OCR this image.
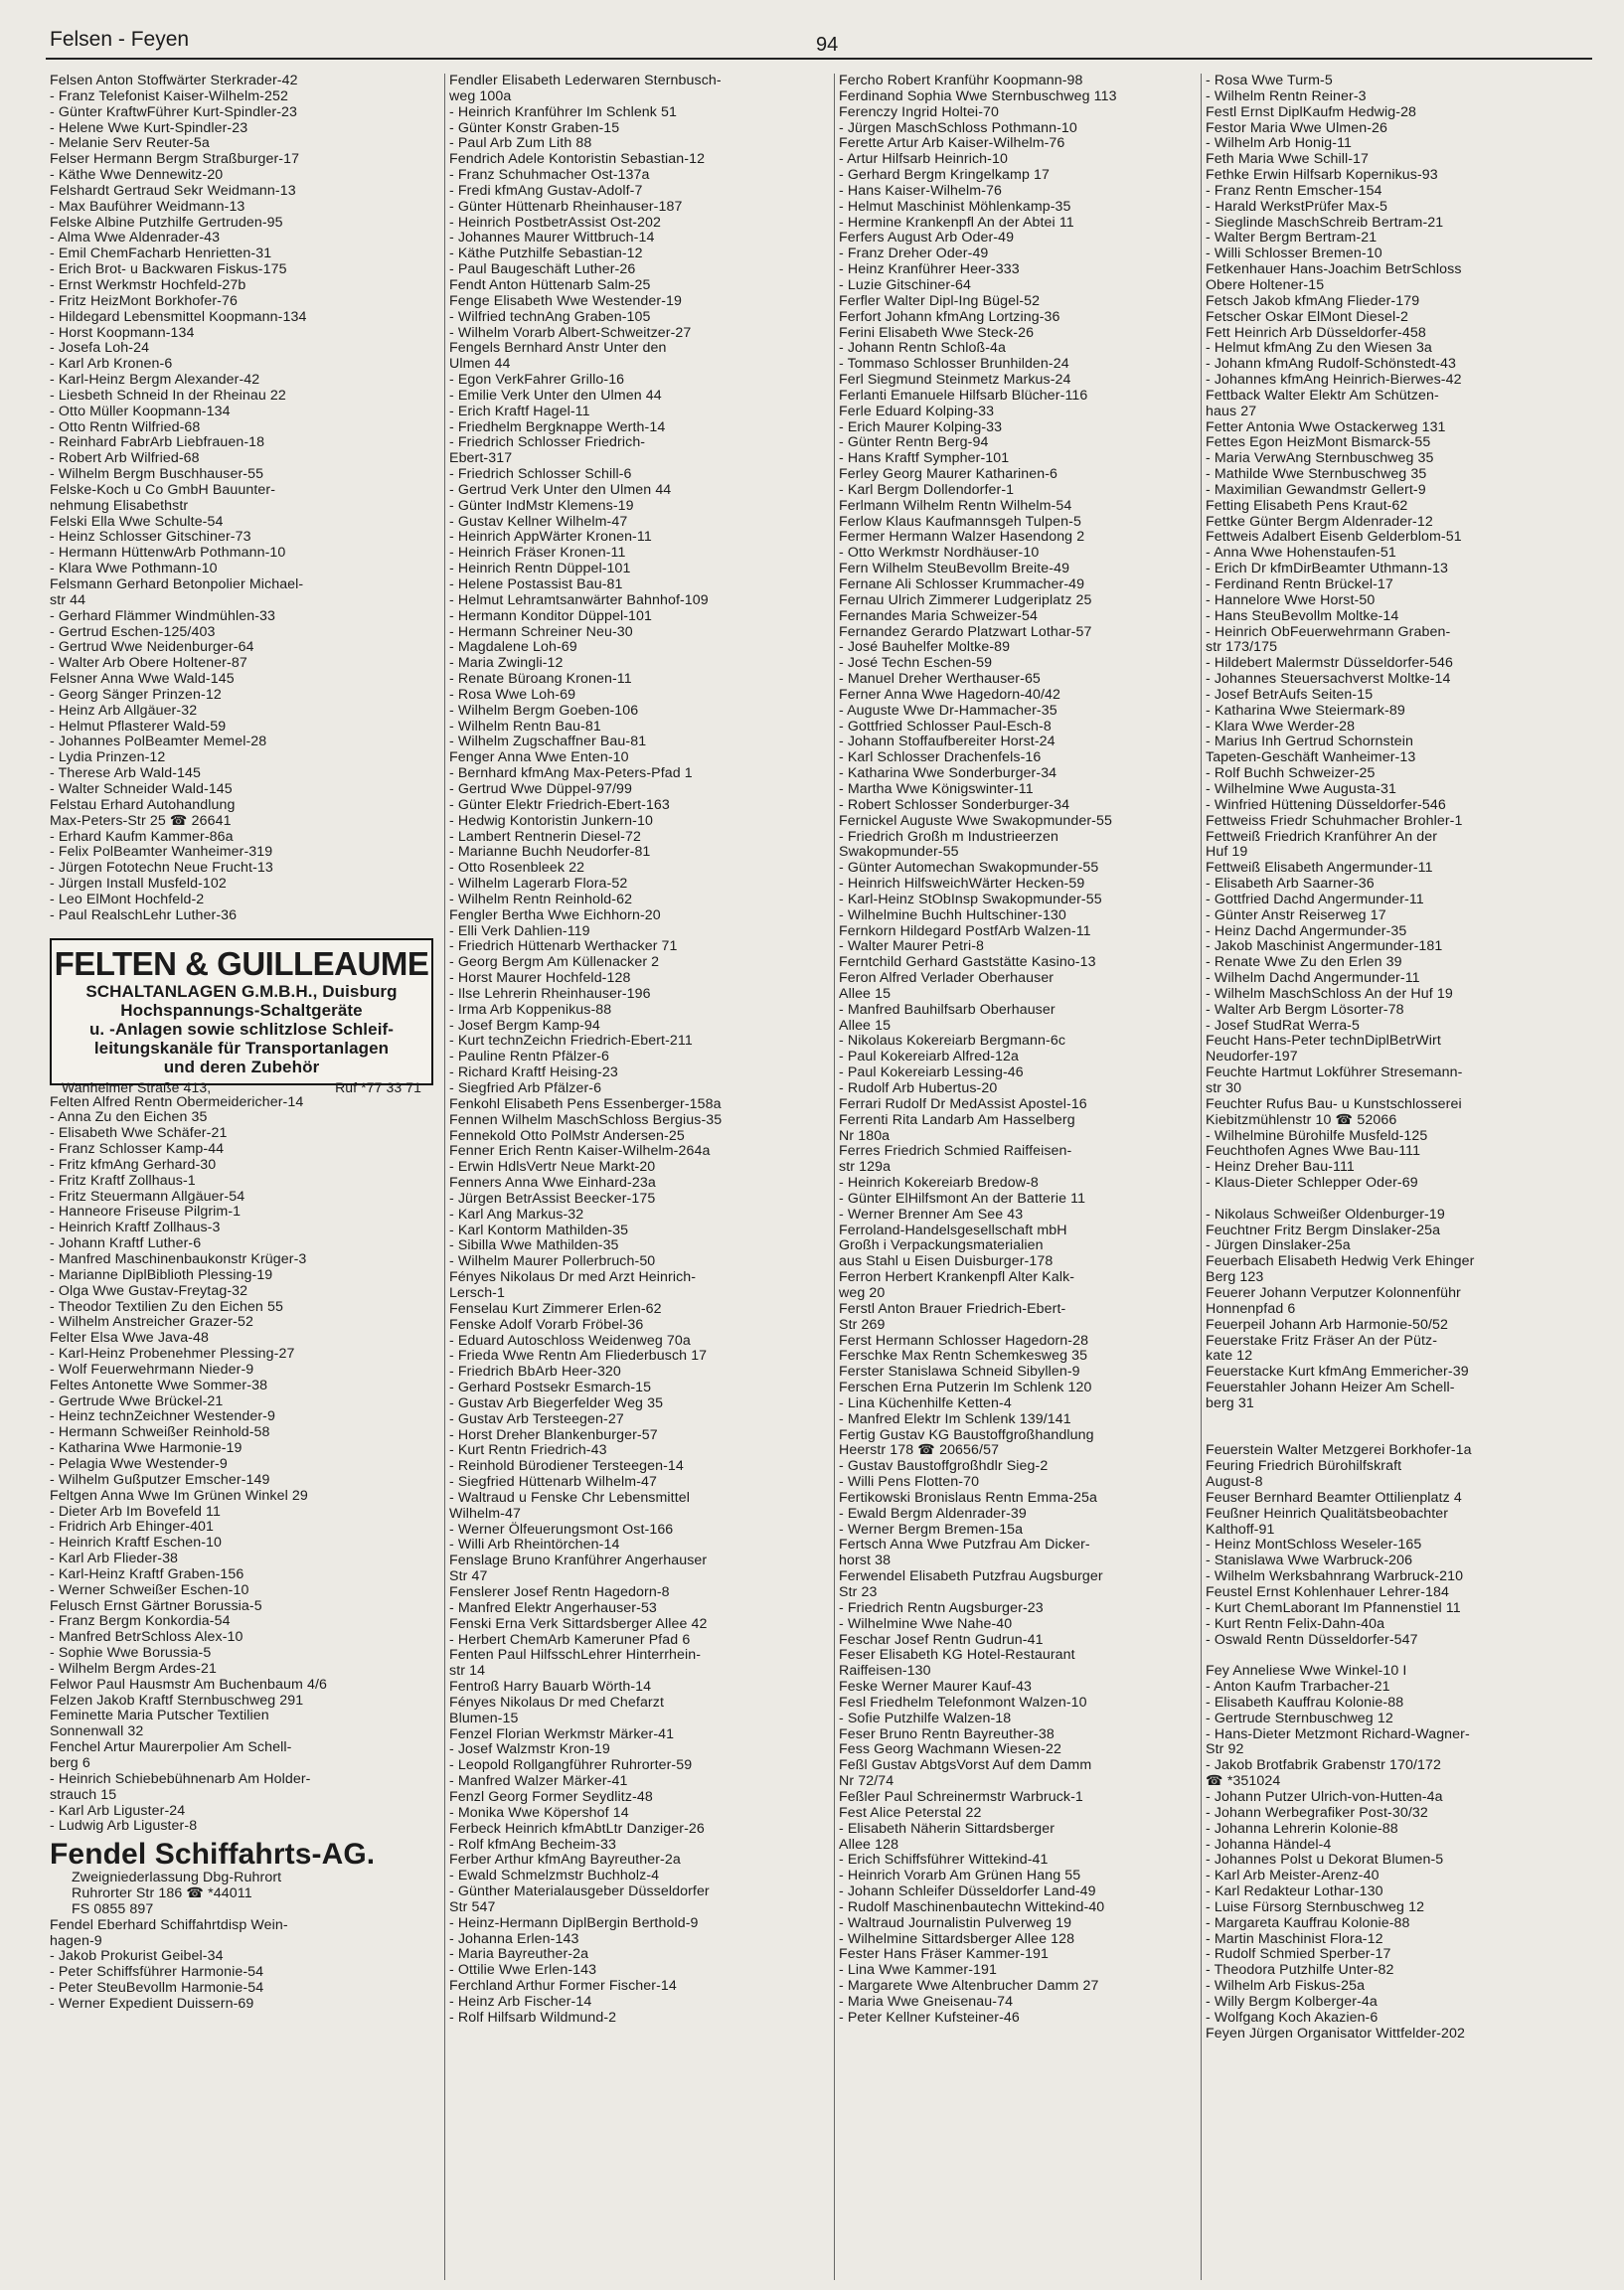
Felsen - Feyen	94
Felsen Anton Stoffwärter Sterkrader-42
- Franz Telefonist Kaiser-Wilhelm-252
- Günter KraftwFührer Kurt-Spindler-23
- Helene Wwe Kurt-Spindler-23
- Melanie Serv Reuter-5a
Felser Hermann Bergm Straßburger-17
- Käthe Wwe Dennewitz-20
Felshardt Gertraud Sekr Weidmann-13
- Max Bauführer Weidmann-13
Felske Albine Putzhilfe Gertruden-95
- Alma Wwe Aldenrader-43
- Emil ChemFacharb Henrietten-31
- Erich Brot- u Backwaren Fiskus-175
- Ernst Werkmstr Hochfeld-27b
- Fritz HeizMont Borkhofer-76
- Hildegard Lebensmittel Koopmann-134
- Horst Koopmann-134
- Josefa Loh-24
- Karl Arb Kronen-6
- Karl-Heinz Bergm Alexander-42
- Liesbeth Schneid In der Rheinau 22
- Otto Müller Koopmann-134
- Otto Rentn Wilfried-68
- Reinhard FabrArb Liebfrauen-18
- Robert Arb Wilfried-68
- Wilhelm Bergm Buschhauser-55
Felske-Koch u Co GmbH Bauunter-
nehmung Elisabethstr
Felski Ella Wwe Schulte-54
- Heinz Schlosser Gitschiner-73
- Hermann HüttenwArb Pothmann-10
- Klara Wwe Pothmann-10
Felsmann Gerhard Betonpolier Michael-
str 44
- Gerhard Flämmer Windmühlen-33
- Gertrud Eschen-125/403
- Gertrud Wwe Neidenburger-64
- Walter Arb Obere Holtener-87
Felsner Anna Wwe Wald-145
- Georg Sänger Prinzen-12
- Heinz Arb Allgäuer-32
- Helmut Pflasterer Wald-59
- Johannes PolBeamter Memel-28
- Lydia Prinzen-12
- Therese Arb Wald-145
- Walter Schneider Wald-145
Felstau Erhard Autohandlung
Max-Peters-Str 25 ☎ 26641
- Erhard Kaufm Kammer-86a
- Felix PolBeamter Wanheimer-319
- Jürgen Fototechn Neue Frucht-13
- Jürgen Install Musfeld-102
- Leo ElMont Hochfeld-2
- Paul RealschLehr Luther-36
FELTEN & GUILLEAUME
SCHALTANLAGEN G.M.B.H., Duisburg
Hochspannungs-Schaltgeräte
u. -Anlagen sowie schlitzlose Schleif-
leitungskanäle für Transportanlagen
und deren Zubehör
Wanheimer Straße 413,	Ruf *77 33 71
Felten Alfred Rentn Obermeidericher-14
- Anna Zu den Eichen 35
- Elisabeth Wwe Schäfer-21
- Franz Schlosser Kamp-44
- Fritz kfmAng Gerhard-30
- Fritz Kraftf Zollhaus-1
- Fritz Steuermann Allgäuer-54
- Hanneore Friseuse Pilgrim-1
- Heinrich Kraftf Zollhaus-3
- Johann Kraftf Luther-6
- Manfred Maschinenbaukonstr Krüger-3
- Marianne DiplBiblioth Plessing-19
- Olga Wwe Gustav-Freytag-32
- Theodor Textilien Zu den Eichen 55
- Wilhelm Anstreicher Grazer-52
Felter Elsa Wwe Java-48
- Karl-Heinz Probenehmer Plessing-27
- Wolf Feuerwehrmann Nieder-9
Feltes Antonette Wwe Sommer-38
- Gertrude Wwe Brückel-21
- Heinz technZeichner Westender-9
- Hermann Schweißer Reinhold-58
- Katharina Wwe Harmonie-19
- Pelagia Wwe Westender-9
- Wilhelm Gußputzer Emscher-149
Feltgen Anna Wwe Im Grünen Winkel 29
- Dieter Arb Im Bovefeld 11
- Fridrich Arb Ehinger-401
- Heinrich Kraftf Eschen-10
- Karl Arb Flieder-38
- Karl-Heinz Kraftf Graben-156
- Werner Schweißer Eschen-10
Felusch Ernst Gärtner Borussia-5
- Franz Bergm Konkordia-54
- Manfred BetrSchloss Alex-10
- Sophie Wwe Borussia-5
- Wilhelm Bergm Ardes-21
Felwor Paul Hausmstr Am Buchenbaum 4/6
Felzen Jakob Kraftf Sternbuschweg 291
Feminette Maria Putscher Textilien
Sonnenwall 32
Fenchel Artur Maurerpolier Am Schell-
berg 6
- Heinrich Schiebebühnenarb Am Holder-
strauch 15
- Karl Arb Liguster-24
- Ludwig Arb Liguster-8
Fendel Schiffahrts-AG.
Zweigniederlassung Dbg-Ruhrort
Ruhrorter Str 186 ☎ *44011
FS 0855 897
Fendel Eberhard Schiffahrtdisp Wein-
hagen-9
- Jakob Prokurist Geibel-34
- Peter Schiffsführer Harmonie-54
- Peter SteuBevollm Harmonie-54
- Werner Expedient Duissern-69
Fendler Elisabeth Lederwaren Sternbusch-
weg 100a
- Heinrich Kranführer Im Schlenk 51
- Günter Konstr Graben-15
- Paul Arb Zum Lith 88
Fendrich Adele Kontoristin Sebastian-12
- Franz Schuhmacher Ost-137a
- Fredi kfmAng Gustav-Adolf-7
- Günter Hüttenarb Rheinhauser-187
- Heinrich PostbetrAssist Ost-202
- Johannes Maurer Wittbruch-14
- Käthe Putzhilfe Sebastian-12
- Paul Baugeschäft Luther-26
Fendt Anton Hüttenarb Salm-25
Fenge Elisabeth Wwe Westender-19
- Wilfried technAng Graben-105
- Wilhelm Vorarb Albert-Schweitzer-27
Fengels Bernhard Anstr Unter den
Ulmen 44
- Egon VerkFahrer Grillo-16
- Emilie Verk Unter den Ulmen 44
- Erich Kraftf Hagel-11
- Friedhelm Bergknappe Werth-14
- Friedrich Schlosser Friedrich-
Ebert-317
- Friedrich Schlosser Schill-6
- Gertrud Verk Unter den Ulmen 44
- Günter IndMstr Klemens-19
- Gustav Kellner Wilhelm-47
- Heinrich AppWärter Kronen-11
- Heinrich Fräser Kronen-11
- Heinrich Rentn Düppel-101
- Helene Postassist Bau-81
- Helmut Lehramtsanwärter Bahnhof-109
- Hermann Konditor Düppel-101
- Hermann Schreiner Neu-30
- Magdalene Loh-69
- Maria Zwingli-12
- Renate Büroang Kronen-11
- Rosa Wwe Loh-69
- Wilhelm Bergm Goeben-106
- Wilhelm Rentn Bau-81
- Wilhelm Zugschaffner Bau-81
Fenger Anna Wwe Enten-10
- Bernhard kfmAng Max-Peters-Pfad 1
- Gertrud Wwe Düppel-97/99
- Günter Elektr Friedrich-Ebert-163
- Hedwig Kontoristin Junkern-10
- Lambert Rentnerin Diesel-72
- Marianne Buchh Neudorfer-81
- Otto Rosenbleek 22
- Wilhelm Lagerarb Flora-52
- Wilhelm Rentn Reinhold-62
Fengler Bertha Wwe Eichhorn-20
- Elli Verk Dahlien-119
- Friedrich Hüttenarb Werthacker 71
- Georg Bergm Am Küllenacker 2
- Horst Maurer Hochfeld-128
- Ilse Lehrerin Rheinhauser-196
- Irma Arb Koppenikus-88
- Josef Bergm Kamp-94
- Kurt technZeichn Friedrich-Ebert-211
- Pauline Rentn Pfälzer-6
- Richard Kraftf Heising-23
- Siegfried Arb Pfälzer-6
Fenkohl Elisabeth Pens Essenberger-158a
Fennen Wilhelm MaschSchloss Bergius-35
Fennekold Otto PolMstr Andersen-25
Fenner Erich Rentn Kaiser-Wilhelm-264a
- Erwin HdlsVertr Neue Markt-20
Fenners Anna Wwe Einhard-23a
- Jürgen BetrAssist Beecker-175
- Karl Ang Markus-32
- Karl Kontorm Mathilden-35
- Sibilla Wwe Mathilden-35
- Wilhelm Maurer Pollerbruch-50
Fényes Nikolaus Dr med Arzt Heinrich-
Lersch-1
Fenselau Kurt Zimmerer Erlen-62
Fenske Adolf Vorarb Fröbel-36
- Eduard Autoschloss Weidenweg 70a
- Frieda Wwe Rentn Am Fliederbusch 17
- Friedrich BbArb Heer-320
- Gerhard Postsekr Esmarch-15
- Gustav Arb Biegerfelder Weg 35
- Gustav Arb Tersteegen-27
- Horst Dreher Blankenburger-57
- Kurt Rentn Friedrich-43
- Reinhold Bürodiener Tersteegen-14
- Siegfried Hüttenarb Wilhelm-47
- Waltraud u Fenske Chr Lebensmittel
Wilhelm-47
- Werner Ölfeuerungsmont Ost-166
- Willi Arb Rheintörchen-14
Fenslage Bruno Kranführer Angerhauser
Str 47
Fenslerer Josef Rentn Hagedorn-8
- Manfred Elektr Angerhauser-53
Fenski Erna Verk Sittardsberger Allee 42
- Herbert ChemArb Kameruner Pfad 6
Fenten Paul HilfsschLehrer Hinterrhein-
str 14
Fentroß Harry Bauarb Wörth-14
Fényes Nikolaus Dr med Chefarzt
Blumen-15
Fenzel Florian Werkmstr Märker-41
- Josef Walzmstr Kron-19
- Leopold Rollgangführer Ruhrorter-59
- Manfred Walzer Märker-41
Fenzl Georg Former Seydlitz-48
- Monika Wwe Köpershof 14
Ferbeck Heinrich kfmAbtLtr Danziger-26
- Rolf kfmAng Becheim-33
Ferber Arthur kfmAng Bayreuther-2a
- Ewald Schmelzmstr Buchholz-4
- Günther Materialausgeber Düsseldorfer
Str 547
- Heinz-Hermann DiplBergin Berthold-9
- Johanna Erlen-143
- Maria Bayreuther-2a
- Ottilie Wwe Erlen-143
Ferchland Arthur Former Fischer-14
- Heinz Arb Fischer-14
- Rolf Hilfsarb Wildmund-2
Fercho Robert Kranführ Koopmann-98
Ferdinand Sophia Wwe Sternbuschweg 113
Ferenczy Ingrid Holtei-70
- Jürgen MaschSchloss Pothmann-10
Ferette Artur Arb Kaiser-Wilhelm-76
- Artur Hilfsarb Heinrich-10
- Gerhard Bergm Kringelkamp 17
- Hans Kaiser-Wilhelm-76
- Helmut Maschinist Möhlenkamp-35
- Hermine Krankenpfl An der Abtei 11
Ferfers August Arb Oder-49
- Franz Dreher Oder-49
- Heinz Kranführer Heer-333
- Luzie Gitschiner-64
Ferfler Walter Dipl-Ing Bügel-52
Ferfort Johann kfmAng Lortzing-36
Ferini Elisabeth Wwe Steck-26
- Johann Rentn Schloß-4a
- Tommaso Schlosser Brunhilden-24
Ferl Siegmund Steinmetz Markus-24
Ferlanti Emanuele Hilfsarb Blücher-116
Ferle Eduard Kolping-33
- Erich Maurer Kolping-33
- Günter Rentn Berg-94
- Hans Kraftf Sympher-101
Ferley Georg Maurer Katharinen-6
- Karl Bergm Dollendorfer-1
Ferlmann Wilhelm Rentn Wilhelm-54
Ferlow Klaus Kaufmannsgeh Tulpen-5
Fermer Hermann Walzer Hasendong 2
- Otto Werkmstr Nordhäuser-10
Fern Wilhelm SteuBevollm Breite-49
Fernane Ali Schlosser Krummacher-49
Fernau Ulrich Zimmerer Ludgeriplatz 25
Fernandes Maria Schweizer-54
Fernandez Gerardo Platzwart Lothar-57
- José Bauhelfer Moltke-89
- José Techn Eschen-59
- Manuel Dreher Werthauser-65
Ferner Anna Wwe Hagedorn-40/42
- Auguste Wwe Dr-Hammacher-35
- Gottfried Schlosser Paul-Esch-8
- Johann Stoffaufbereiter Horst-24
- Karl Schlosser Drachenfels-16
- Katharina Wwe Sonderburger-34
- Martha Wwe Königswinter-11
- Robert Schlosser Sonderburger-34
Fernickel Auguste Wwe Swakopmunder-55
- Friedrich Großh m Industrieerzen
Swakopmunder-55
- Günter Automechan Swakopmunder-55
- Heinrich HilfsweichWärter Hecken-59
- Karl-Heinz StObInsp Swakopmunder-55
- Wilhelmine Buchh Hultschiner-130
Fernkorn Hildegard PostfArb Walzen-11
- Walter Maurer Petri-8
Ferntchild Gerhard Gaststätte Kasino-13
Feron Alfred Verlader Oberhauser
Allee 15
- Manfred Bauhilfsarb Oberhauser
Allee 15
- Nikolaus Kokereiarb Bergmann-6c
- Paul Kokereiarb Alfred-12a
- Paul Kokereiarb Lessing-46
- Rudolf Arb Hubertus-20
Ferrari Rudolf Dr MedAssist Apostel-16
Ferrenti Rita Landarb Am Hasselberg
Nr 180a
Ferres Friedrich Schmied Raiffeisen-
str 129a
- Heinrich Kokereiarb Bredow-8
- Günter ElHilfsmont An der Batterie 11
- Werner Brenner Am See 43
Ferroland-Handelsgesellschaft mbH
Großh i Verpackungsmaterialien
aus Stahl u Eisen Duisburger-178
Ferron Herbert Krankenpfl Alter Kalk-
weg 20
Ferstl Anton Brauer Friedrich-Ebert-
Str 269
Ferst Hermann Schlosser Hagedorn-28
Ferschke Max Rentn Schemkesweg 35
Ferster Stanislawa Schneid Sibyllen-9
Ferschen Erna Putzerin Im Schlenk 120
- Lina Küchenhilfe Ketten-4
- Manfred Elektr Im Schlenk 139/141
Fertig Gustav KG Baustoffgroßhandlung
Heerstr 178 ☎ 20656/57
- Gustav Baustoffgroßhdlr Sieg-2
- Willi Pens Flotten-70
Fertikowski Bronislaus Rentn Emma-25a
- Ewald Bergm Aldenrader-39
- Werner Bergm Bremen-15a
Fertsch Anna Wwe Putzfrau Am Dicker-
horst 38
Ferwendel Elisabeth Putzfrau Augsburger
Str 23
- Friedrich Rentn Augsburger-23
- Wilhelmine Wwe Nahe-40
Feschar Josef Rentn Gudrun-41
Feser Elisabeth KG Hotel-Restaurant
Raiffeisen-130
Feske Werner Maurer Kauf-43
Fesl Friedhelm Telefonmont Walzen-10
- Sofie Putzhilfe Walzen-18
Feser Bruno Rentn Bayreuther-38
Fess Georg Wachmann Wiesen-22
Feßl Gustav AbtgsVorst Auf dem Damm
Nr 72/74
Feßler Paul Schreinermstr Warbruck-1
Fest Alice Peterstal 22
- Elisabeth Näherin Sittardsberger
Allee 128
- Erich Schiffsführer Wittekind-41
- Heinrich Vorarb Am Grünen Hang 55
- Johann Schleifer Düsseldorfer Land-49
- Rudolf Maschinenbautechn Wittekind-40
- Waltraud Journalistin Pulverweg 19
- Wilhelmine Sittardsberger Allee 128
Fester Hans Fräser Kammer-191
- Lina Wwe Kammer-191
- Margarete Wwe Altenbrucher Damm 27
- Maria Wwe Gneisenau-74
- Peter Kellner Kufsteiner-46
- Rosa Wwe Turm-5
- Wilhelm Rentn Reiner-3
Festl Ernst DiplKaufm Hedwig-28
Festor Maria Wwe Ulmen-26
- Wilhelm Arb Honig-11
Feth Maria Wwe Schill-17
Fethke Erwin Hilfsarb Kopernikus-93
- Franz Rentn Emscher-154
- Harald WerkstPrüfer Max-5
- Sieglinde MaschSchreib Bertram-21
- Walter Bergm Bertram-21
- Willi Schlosser Bremen-10
Fetkenhauer Hans-Joachim BetrSchloss
Obere Holtener-15
Fetsch Jakob kfmAng Flieder-179
Fetscher Oskar ElMont Diesel-2
Fett Heinrich Arb Düsseldorfer-458
- Helmut kfmAng Zu den Wiesen 3a
- Johann kfmAng Rudolf-Schönstedt-43
- Johannes kfmAng Heinrich-Bierwes-42
Fettback Walter Elektr Am Schützen-
haus 27
Fetter Antonia Wwe Ostackerweg 131
Fettes Egon HeizMont Bismarck-55
- Maria VerwAng Sternbuschweg 35
- Mathilde Wwe Sternbuschweg 35
- Maximilian Gewandmstr Gellert-9
Fetting Elisabeth Pens Kraut-62
Fettke Günter Bergm Aldenrader-12
Fettweis Adalbert Eisenb Gelderblom-51
- Anna Wwe Hohenstaufen-51
- Erich Dr kfmDirBeamter Uthmann-13
- Ferdinand Rentn Brückel-17
- Hannelore Wwe Horst-50
- Hans SteuBevollm Moltke-14
- Heinrich ObFeuerwehrmann Graben-
str 173/175
- Hildebert Malermstr Düsseldorfer-546
- Johannes Steuersachverst Moltke-14
- Josef BetrAufs Seiten-15
- Katharina Wwe Steiermark-89
- Klara Wwe Werder-28
- Marius Inh Gertrud Schornstein
Tapeten-Geschäft Wanheimer-13
- Rolf Buchh Schweizer-25
- Wilhelmine Wwe Augusta-31
- Winfried Hüttening Düsseldorfer-546
Fettweiss Friedr Schuhmacher Brohler-1
Fettweiß Friedrich Kranführer An der
Huf 19
Fettweiß Elisabeth Angermunder-11
- Elisabeth Arb Saarner-36
- Gottfried Dachd Angermunder-11
- Günter Anstr Reiserweg 17
- Heinz Dachd Angermunder-35
- Jakob Maschinist Angermunder-181
- Renate Wwe Zu den Erlen 39
- Wilhelm Dachd Angermunder-11
- Wilhelm MaschSchloss An der Huf 19
- Walter Arb Bergm Lösorter-78
- Josef StudRat Werra-5
Feucht Hans-Peter technDiplBetrWirt
Neudorfer-197
Feuchte Hartmut Lokführer Stresemann-
str 30
Feuchter Rufus Bau- u Kunstschlosserei
Kiebitzmühlenstr 10 ☎ 52066
- Wilhelmine Bürohilfe Musfeld-125
Feuchthofen Agnes Wwe Bau-111
- Heinz Dreher Bau-111
- Klaus-Dieter Schlepper Oder-69

- Nikolaus Schweißer Oldenburger-19
Feuchtner Fritz Bergm Dinslaker-25a
- Jürgen Dinslaker-25a
Feuerbach Elisabeth Hedwig Verk Ehinger
Berg 123
Feuerer Johann Verputzer Kolonnenführ
Honnenpfad 6
Feuerpeil Johann Arb Harmonie-50/52
Feuerstake Fritz Fräser An der Pütz-
kate 12
Feuerstacke Kurt kfmAng Emmericher-39
Feuerstahler Johann Heizer Am Schell-
berg 31

Feuerstein Walter Metzgerei Borkhofer-1a
Feuring Friedrich Bürohilfskraft
August-8
Feuser Bernhard Beamter Ottilienplatz 4
Feußner Heinrich Qualitätsbeobachter
Kalthoff-91
- Heinz MontSchloss Weseler-165
- Stanislawa Wwe Warbruck-206
- Wilhelm Werksbahnrang Warbruck-210
Feustel Ernst Kohlenhauer Lehrer-184
- Kurt ChemLaborant Im Pfannenstiel 11
- Kurt Rentn Felix-Dahn-40a
- Oswald Rentn Düsseldorfer-547

Fey Anneliese Wwe Winkel-10 I
- Anton Kaufm Trarbacher-21
- Elisabeth Kauffrau Kolonie-88
- Gertrude Sternbuschweg 12
- Hans-Dieter Metzmont Richard-Wagner-
Str 92
- Jakob Brotfabrik Grabenstr 170/172
☎ *351024
- Johann Putzer Ulrich-von-Hutten-4a
- Johann Werbegrafiker Post-30/32
- Johanna Lehrerin Kolonie-88
- Johanna Händel-4
- Johannes Polst u Dekorat Blumen-5
- Karl Arb Meister-Arenz-40
- Karl Redakteur Lothar-130
- Luise Fürsorg Sternbuschweg 12
- Margareta Kauffrau Kolonie-88
- Martin Maschinist Flora-12
- Rudolf Schmied Sperber-17
- Theodora Putzhilfe Unter-82
- Wilhelm Arb Fiskus-25a
- Willy Bergm Kolberger-4a
- Wolfgang Koch Akazien-6
Feyen Jürgen Organisator Wittfelder-202
